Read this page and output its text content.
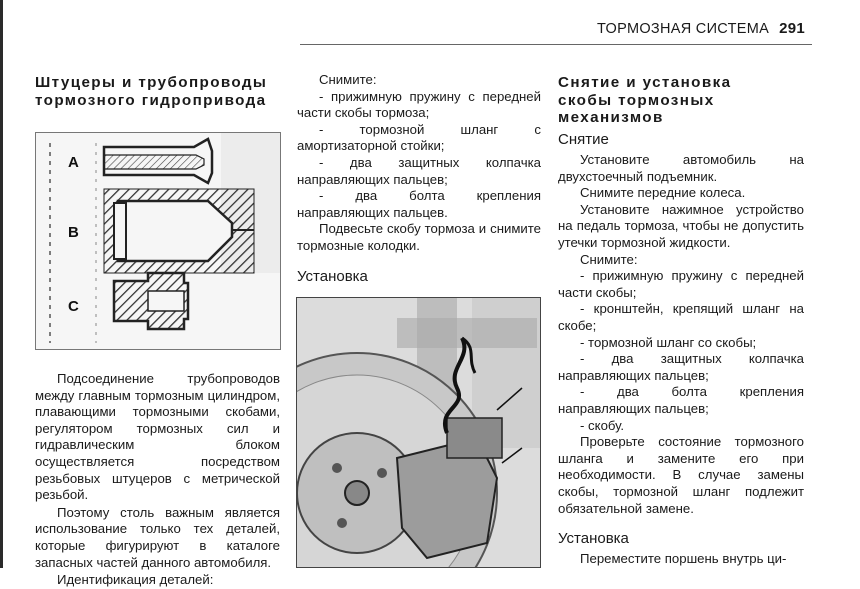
ТОРМОЗНАЯ СИСТЕМА 291

Штуцеры и трубопроводы

тормозного гидропривода

A
B
C

Подсоединение трубопроводов между главным тормозным цилиндром, плавающими тормозными скобами, регулятором тормозных сил и гидравлическим блоком осуществляется посредством резьбовых штуцеров с метрической резьбой.

Поэтому столь важным является использование только тех деталей, которые фигурируют в каталоге запасных частей данного автомобиля.

Идентификация деталей:

Снимите:

- прижимную пружину с передней части скобы тормоза;

- тормозной шланг с амортизаторной стойки;

- два защитных колпачка направляющих пальцев;

- два болта крепления направляющих пальцев.

Подвесьте скобу тормоза и снимите тормозные колодки.

Установка

Снятие и установка

скобы тормозных

механизмов

Снятие

Установите автомобиль на двухстоечный подъемник.

Снимите передние колеса.

Установите нажимное устройство на педаль тормоза, чтобы не допустить утечки тормозной жидкости.

Снимите:

- прижимную пружину с передней части скобы;

- кронштейн, крепящий шланг на скобе;

- тормозной шланг со скобы;

- два защитных колпачка направляющих пальцев;

- два болта крепления направляющих пальцев;

- скобу.

Проверьте состояние тормозного шланга и замените его при необходимости. В случае замены скобы, тормозной шланг подлежит обязательной замене.

Установка

Переместите поршень внутрь ци-
